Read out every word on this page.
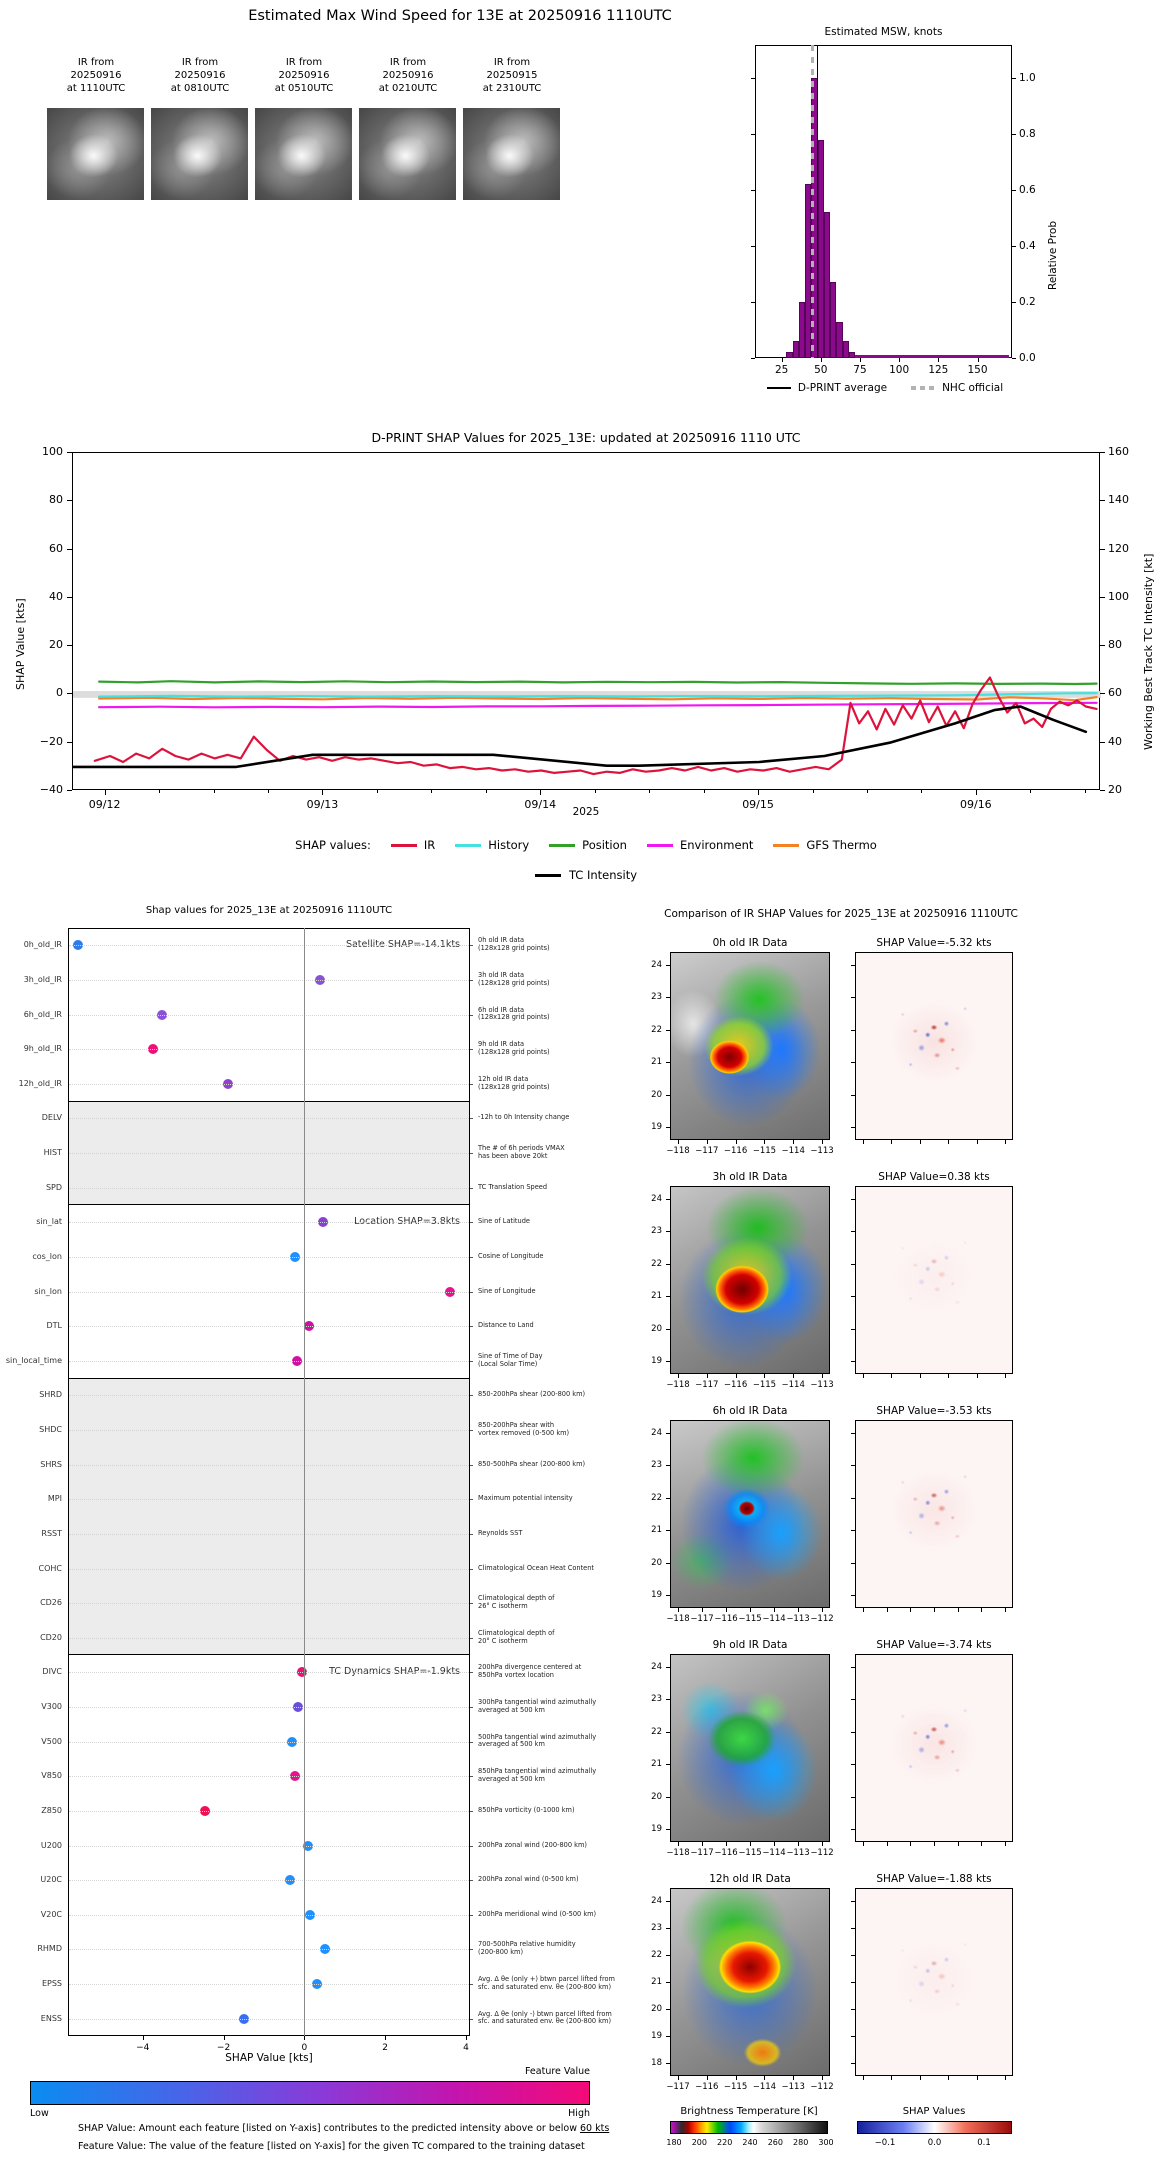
Estimated Max Wind Speed for 13E at 20250916 1110UTC
IR from
20250916
at 1110UTC
IR from
20250916
at 0810UTC
IR from
20250916
at 0510UTC
IR from
20250916
at 0210UTC
IR from
20250915
at 2310UTC
Estimated MSW, knots
Relative Prob
D-PRINT average	NHC official
D-PRINT SHAP Values for 2025_13E: updated at 20250916 1110 UTC
SHAP Value [kts]	Working Best Track TC Intensity [kt]
2025
SHAP values:	IR	History	Position	Environment	GFS Thermo
TC Intensity
Shap values for 2025_13E at 20250916 1110UTC
Satellite SHAP=-14.1kts
Location SHAP=3.8kts
TC Dynamics SHAP=-1.9kts
0h_old_IR	0h old IR data
(128x128 grid points)
3h_old_IR	3h old IR data
(128x128 grid points)
6h_old_IR	6h old IR data
(128x128 grid points)
9h_old_IR	9h old IR data
(128x128 grid points)
12h_old_IR	12h old IR data
(128x128 grid points)
DELV	-12h to 0h Intensity change
HIST	The # of 6h periods VMAX
has been above 20kt
SPD	TC Translation Speed
sin_lat	Sine of Latitude
cos_lon	Cosine of Longitude
sin_lon	Sine of Longitude
DTL	Distance to Land
sin_local_time	Sine of Time of Day
(Local Solar Time)
SHRD	850-200hPa shear (200-800 km)
SHDC	850-200hPa shear with
vortex removed (0-500 km)
SHRS	850-500hPa shear (200-800 km)
MPI	Maximum potential intensity
RSST	Reynolds SST
COHC	Climatological Ocean Heat Content
CD26	Climatological depth of
26° C isotherm
CD20	Climatological depth of
20° C isotherm
DIVC	200hPa divergence centered at
850hPa vortex location
V300	300hPa tangential wind azimuthally
averaged at 500 km
V500	500hPa tangential wind azimuthally
averaged at 500 km
V850	850hPa tangential wind azimuthally
averaged at 500 km
Z850	850hPa vorticity (0-1000 km)
U200	200hPa zonal wind (200-800 km)
U20C	200hPa zonal wind (0-500 km)
V20C	200hPa meridional wind (0-500 km)
RHMD	700-500hPa relative humidity
(200-800 km)
EPSS	Avg. Δ θe (only +) btwn parcel lifted from
sfc. and saturated env. θe (200-800 km)
ENSS	Avg. Δ θe (only -) btwn parcel lifted from
sfc. and saturated env. θe (200-800 km)
SHAP Value [kts]
Feature Value
Low	High
SHAP Value: Amount each feature [listed on Y-axis] contributes to the predicted intensity above or below 60 kts
Feature Value: The value of the feature [listed on Y-axis] for the given TC compared to the training dataset
Comparison of IR SHAP Values for 2025_13E at 20250916 1110UTC
0h old IR Data	SHAP Value=-5.32 kts
24
23
22
21
20
19
−118 −117 −116 −115 −114 −113
3h old IR Data	SHAP Value=0.38 kts
24
23
22
21
20
19
−118 −117 −116 −115 −114 −113
6h old IR Data	SHAP Value=-3.53 kts
24
23
22
21
20
19
−118 −117 −116 −115 −114 −113 −112
9h old IR Data	SHAP Value=-3.74 kts
24
23
22
21
20
19
−118 −117 −116 −115 −114 −113 −112
12h old IR Data	SHAP Value=-1.88 kts
24
23
22
21
20
19
18
−117 −116 −115 −114 −113 −112
Brightness Temperature [K]
180	200	220	240	260	280	300
SHAP Values
−0.1	0.0	0.1
1.0
0.8
0.6
0.4
0.2
0.0
25	50	75	100	125	150
100	160
80	140
60	120
40	100
20	80
0	60
−20	40
−40	20
09/12	09/13	09/14	09/15	09/16
−4	−2	0	2	4
